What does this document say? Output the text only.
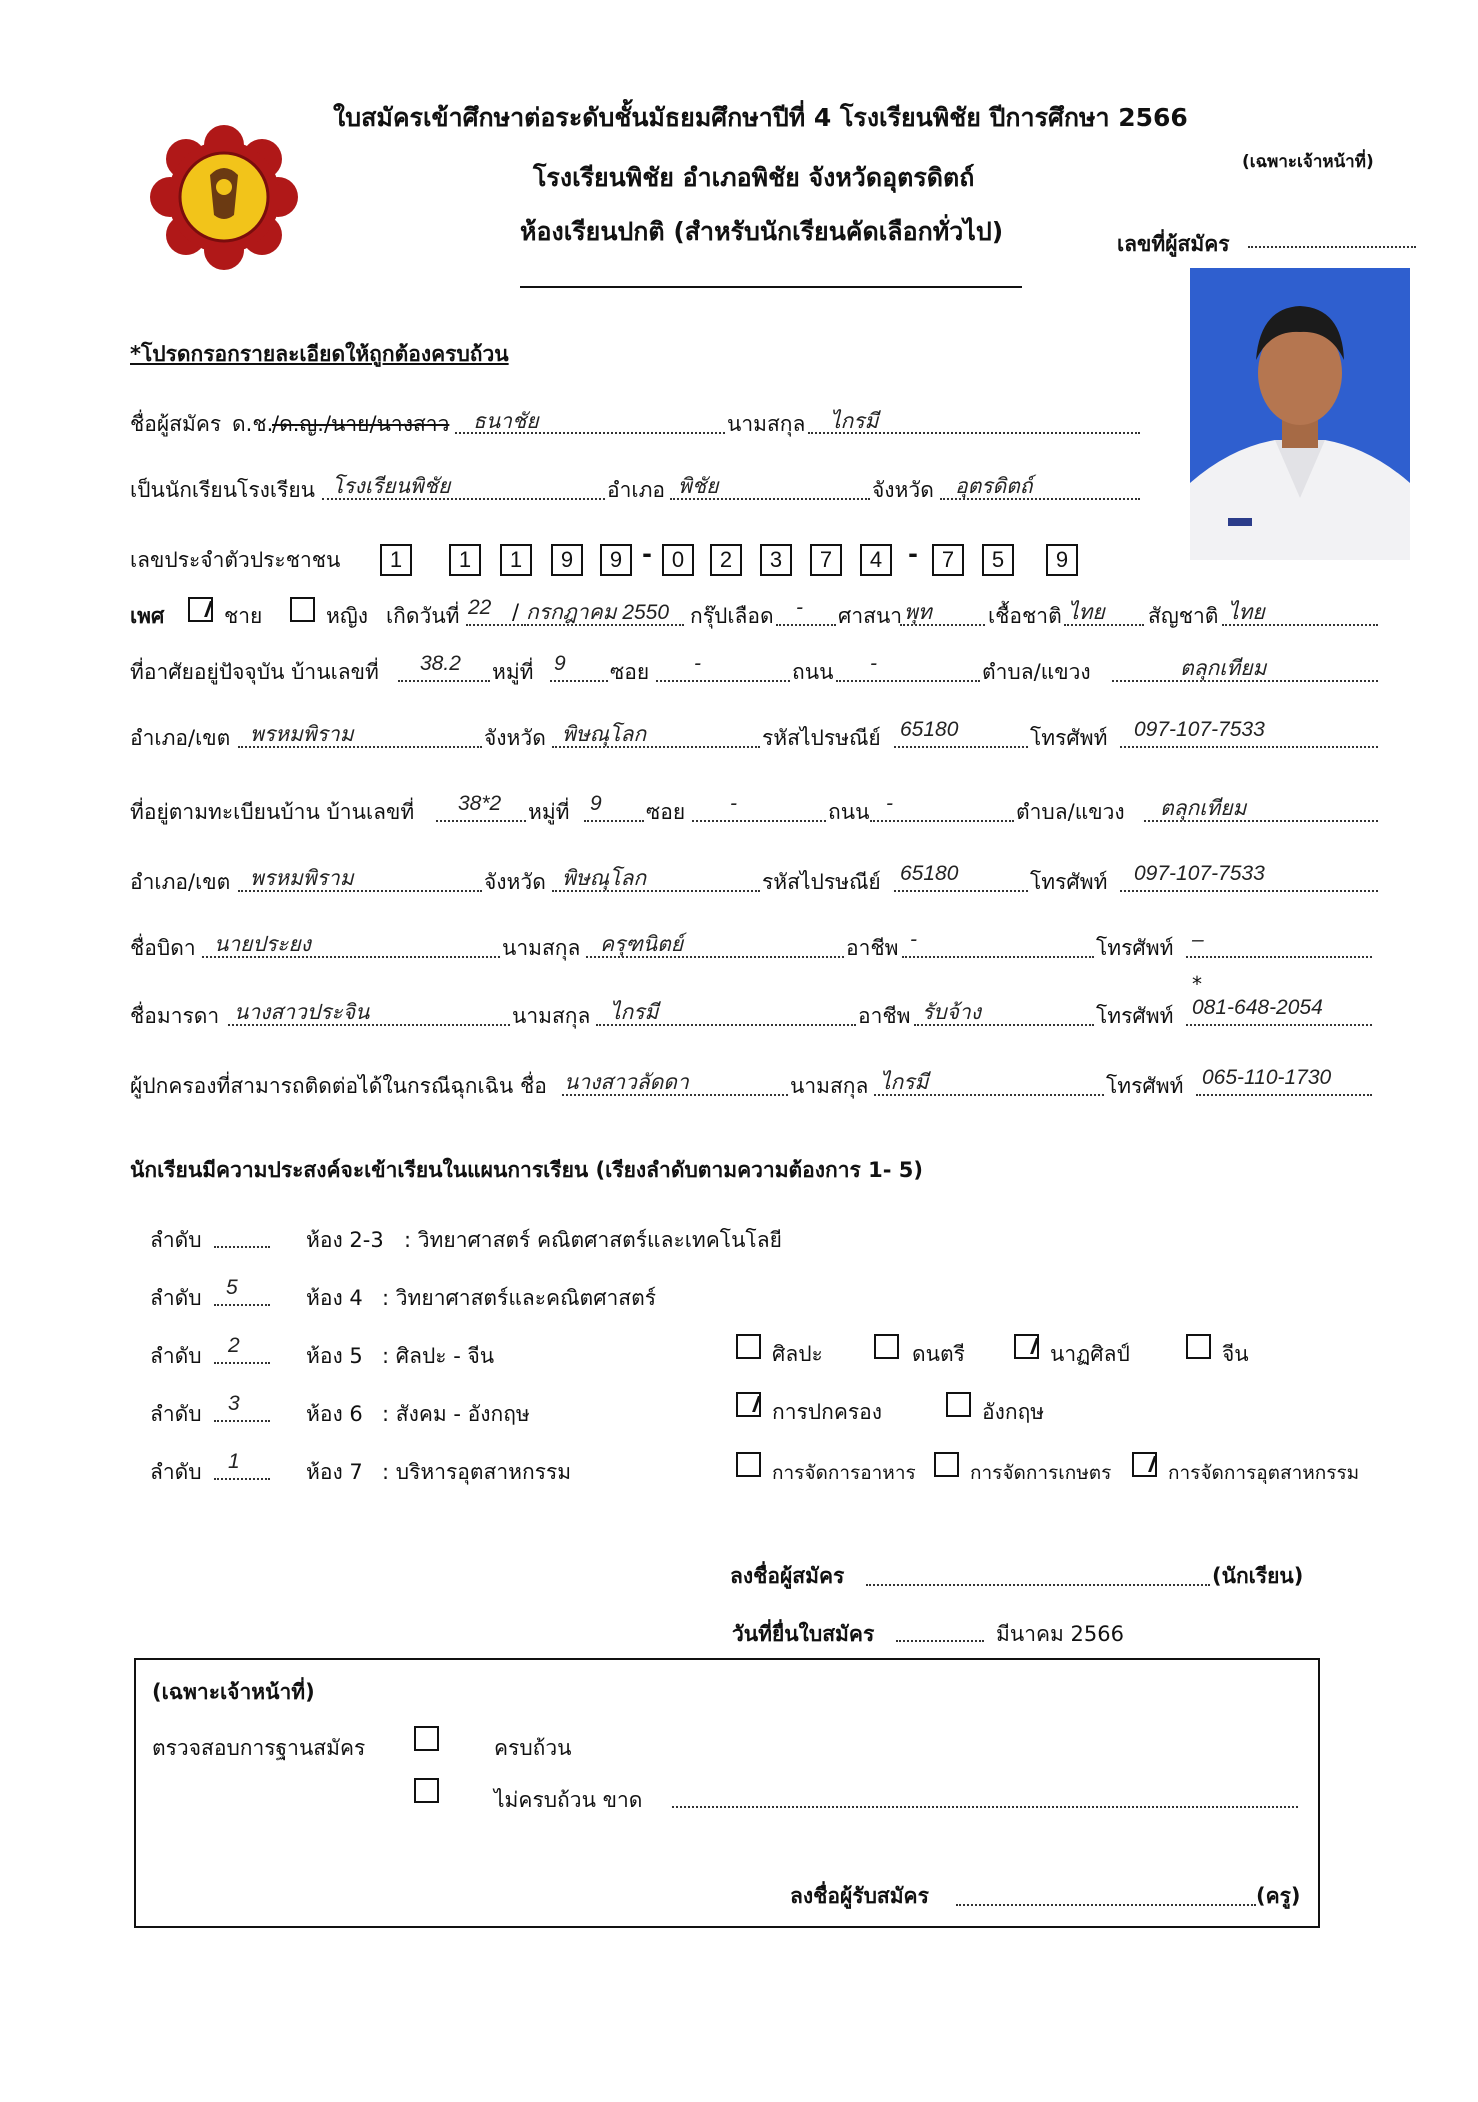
ใบสมัครเข้าศึกษาต่อระดับชั้นมัธยมศึกษาปีที่ 4 โรงเรียนพิชัย ปีการศึกษา 2566
โรงเรียนพิชัย อำเภอพิชัย จังหวัดอุตรดิตถ์
ห้องเรียนปกติ (สำหรับนักเรียนคัดเลือกทั่วไป)
(เฉพาะเจ้าหน้าที่)
เลขที่ผู้สมัคร
*โปรดกรอกรายละเอียดให้ถูกต้องครบถ้วน
ชื่อผู้สมัคร ด.ช.
/ด.ญ./นาย/นางสาว ธนาชัย	นามสกุล ไกรมี
เป็นนักเรียนโรงเรียน โรงเรียนพิชัย	อำเภอ พิชัย	จังหวัด อุตรดิตถ์
เลขประจำตัวประชาชน	1	1	1	9	9 - 0	2	3	7	4	-	7	5	9
เพศ	ชาย	หญิง เกิดวันที่ 22 / กรกฎาคม 2550 กรุ๊ปเลือด - ศาสนา พุท	เชื้อชาติ ไทย สัญชาติ ไทย
ที่อาศัยอยู่ปัจจุบัน บ้านเลขที่ 38.2 หมู่ที่ 9 ซอย -	ถนน -	ตำบล/แขวง	ตลุกเทียม
อำเภอ/เขต พรหมพิราม	จังหวัด พิษณุโลก	รหัสไปรษณีย์ 65180	โทรศัพท์ 097-107-7533
ที่อยู่ตามทะเบียนบ้าน บ้านเลขที่ 38*2 หมู่ที่ 9 ซอย -	ถนน -	ตำบล/แขวง ตลุกเทียม
อำเภอ/เขต พรหมพิราม	จังหวัด พิษณุโลก	รหัสไปรษณีย์ 65180	โทรศัพท์ 097-107-7533
ชื่อบิดา นายประยง	นามสกุล ครุฑนิตย์	อาชีพ -	โทรศัพท์ –
ชื่อมารดา นางสาวประจิน	นามสกุล ไกรมี	อาชีพ รับจ้าง	โทรศัพท์ 081-648-2054
*
ผู้ปกครองที่สามารถติดต่อได้ในกรณีฉุกเฉิน ชื่อ นางสาวลัดดา	นามสกุล ไกรมี	โทรศัพท์ 065-110-1730
นักเรียนมีความประสงค์จะเข้าเรียนในแผนการเรียน (เรียงลำดับตามความต้องการ 1- 5)
ลำดับ	ห้อง 2-3 : วิทยาศาสตร์ คณิตศาสตร์และเทคโนโลยี
ลำดับ 5	ห้อง 4 : วิทยาศาสตร์และคณิตศาสตร์
ลำดับ 2	ห้อง 5 : ศิลปะ - จีน
ลำดับ 3	ห้อง 6 : สังคม - อังกฤษ
ลำดับ 1	ห้อง 7 : บริหารอุตสาหกรรม
ศิลปะ	ดนตรี	นาฏศิลป์	จีน
การปกครอง	อังกฤษ
การจัดการอาหาร	การจัดการเกษตร	การจัดการอุตสาหกรรม
ลงชื่อผู้สมัคร	(นักเรียน)
วันที่ยื่นใบสมัคร	มีนาคม 2566
(เฉพาะเจ้าหน้าที่)
ตรวจสอบการฐานสมัคร	ครบถ้วน
ไม่ครบถ้วน ขาด
ลงชื่อผู้รับสมัคร	(ครู)
